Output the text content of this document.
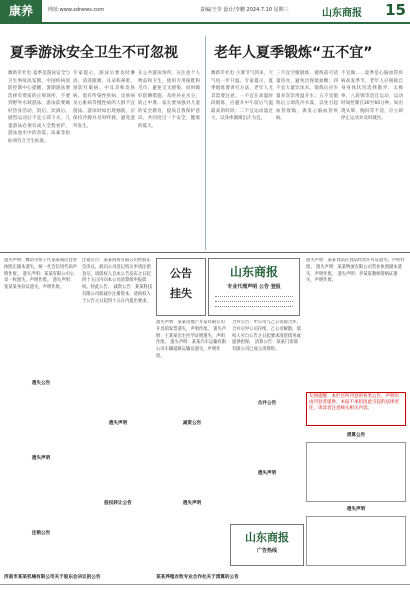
康养	网址:www.sdnews.com	责编/王莹 设计/李鹏 2024.7.10 星期三	山东商报 15
夏季游泳安全卫生不可忽视
潍新苹社电 夏季是游泳安全与卫生事故高发期。中国疾病预防控制中心提醒，暑期游泳要选择有资质的正规场所，不要到野外水域游泳。游泳前要做好热身活动，饭后、饮酒后、剧烈运动后不宜立即下水。儿童游泳必须有成人全程看护。游泳池水中的余氯、尿素等指标须符合卫生标准。
专家提示，游泳后要及时淋浴，清洗眼睛、耳朵和鼻腔，预防红眼病、中耳炎和皮肤病。患有传染性疾病、皮肤病及心脏病等慢性病的人群不宜游泳。游泳时如出现抽筋，应保持冷静并及时呼救，避免意外发生。
在公共游泳场所，应注意个人物品和卫生，使用专用拖鞋和毛巾，避免交叉感染。同时做好防晒措施，及时补充水分，防止中暑。家长要加强对儿童的安全教育，提高自我保护意识，共同度过一个安全、健康的夏天。
老年人夏季锻炼“五不宜”
潍新苹社电 小暑节气到来，天气进一步升温。专家提示，夏季锻炼要讲究方法，老年人尤其需要注意。一不宜在高温时段锻炼，应避开中午前后气温最高的时段；二不宜运动量过大，以身体微微出汗为宜。
三不宜空腹锻炼，锻炼前可适量进食，避免出现低血糖；四不宜大量饮冰水，锻炼后应少量多次饮用温开水；五不宜锻炼后立即洗冷水澡，以免引起血管收缩，诱发心脑血管疾病。
不宜做……夏季是心脑血管疾病高发季节，老年人应根据自身身体状况选择散步、太极拳、八段锦等适宜运动，运动时间控制在30至60分钟。如出现头晕、胸闷等不适，应立即停止运动并及时就医。
遗失声明：潍坊市坊子区某某商店营业执照正副本遗失，统一社会信用代码声明作废。 遗失声明：某某有限公司公章一枚遗失，声明作废。 遗失声明：张某某身份证遗失，声明作废。
遗失公告
遗失声明
注销公告
注销公告：某某商贸有限公司经股东会决议，拟向公司登记机关申请注销登记，请债权人自本公告发布之日起四十五日内向本公司清算组申报债权。特此公告。 减资公告：某某科技有限公司拟减少注册资本，请债权人于公告之日起四十五日内提出要求。
遗失声明
股权转让公告
公告
挂失
山东商报
专业代理声明 公告 登报
遗失声明：某某房地产开发有限公司开具的发票遗失，声明作废。 遗失声明：王某某出生医学证明遗失，声明作废。 遗失声明：某某汽车运输有限公司车辆道路运输证遗失，声明作废。
减资公告
遗失声明
合并公告：甲公司与乙公司拟合并，合并后甲公司存续，乙公司解散，债权人可自公告之日起要求清偿债务或提供担保。 清算公告：某某门诊部有限公司已成立清算组。
合并公告
遗失声明
山东商报
广告热线
遗失声明：某某食品店食品经营许可证遗失，声明作废。 遗失声明：某某物流有限公司营业执照副本遗失，声明作废。 遗失声明：李某某教师资格证遗失，声明作废。
友情提醒：本栏目所刊登的各类公告、声明均由刊登者提供，本报不承担因此引起的法律责任，请读者注意核实相关内容。
清算公告
遗失声明
济南市某某机械有限公司关于股东会决议的公告	某某养殖农牧专业合作社关于清算的公告
